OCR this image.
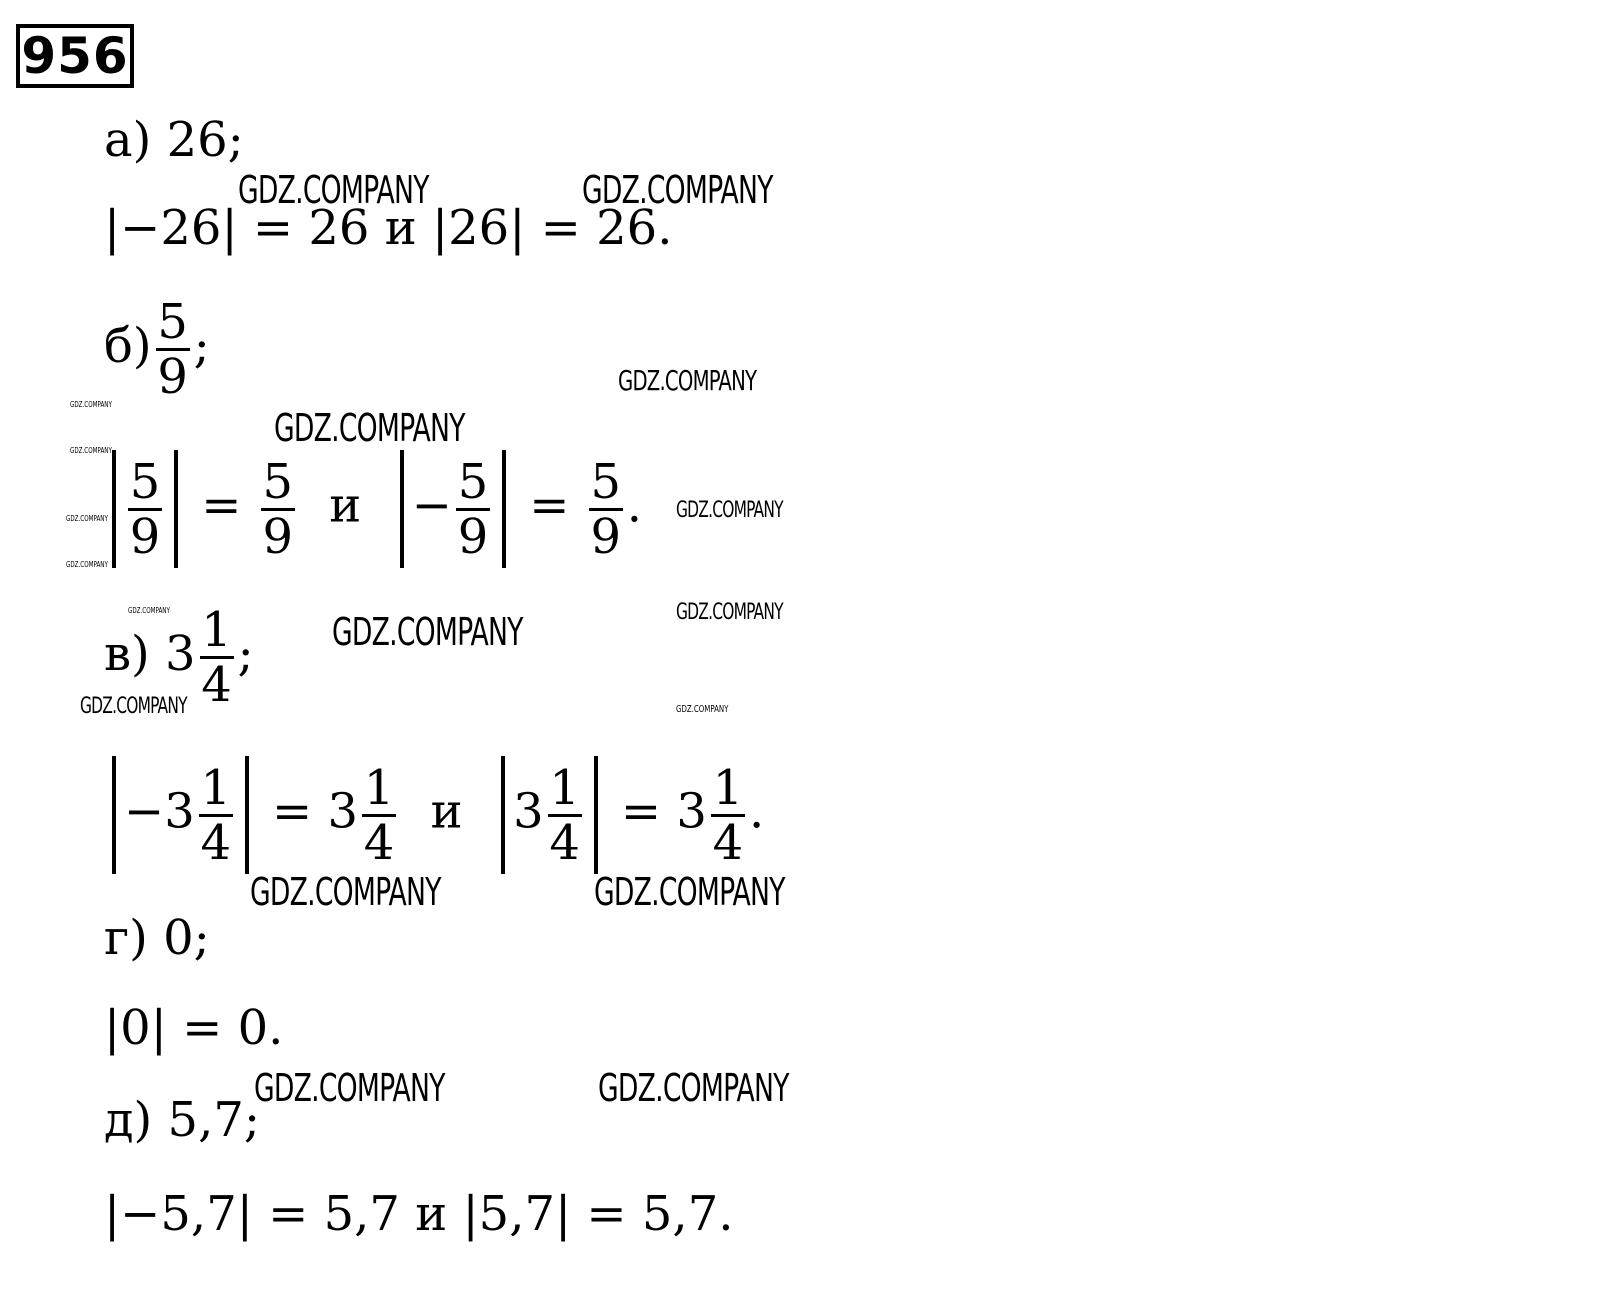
956
а) 26;
|−26| = 26 и |26| = 26.
$б) \frac{5}{9}$ ;
$\frac{5}{9} = \frac{5}{9}$ $и - \frac{5}{9} = \frac{5}{9}$ .
в) $3 \frac{1}{4}$ ;
$-3 \frac{1}{4} = 3 \frac{1}{4}$ и $3 \frac{1}{4} = 3 \frac{1}{4}$ .
г) 0;
|0| = 0.
д) 5,7;
|−5,7| = 5,7 и |5,7| = 5,7.
GDZ.COMPANY	GDZ.COMPANY
GDZ.COMPANY
GDZ.COMPANY
GDZ.COMPANY
GDZ.COMPANY	GDZ.COMPANY
GDZ.COMPANY	GDZ.COMPANY
GDZ.COMPANY	GDZ.COMPANY
GDZ.COMPANY	GDZ.COMPANY
GDZ.COMPANY
GDZ.COMPANY
GDZ.COMPANY
GDZ.COMPANY
GDZ.COMPANY
